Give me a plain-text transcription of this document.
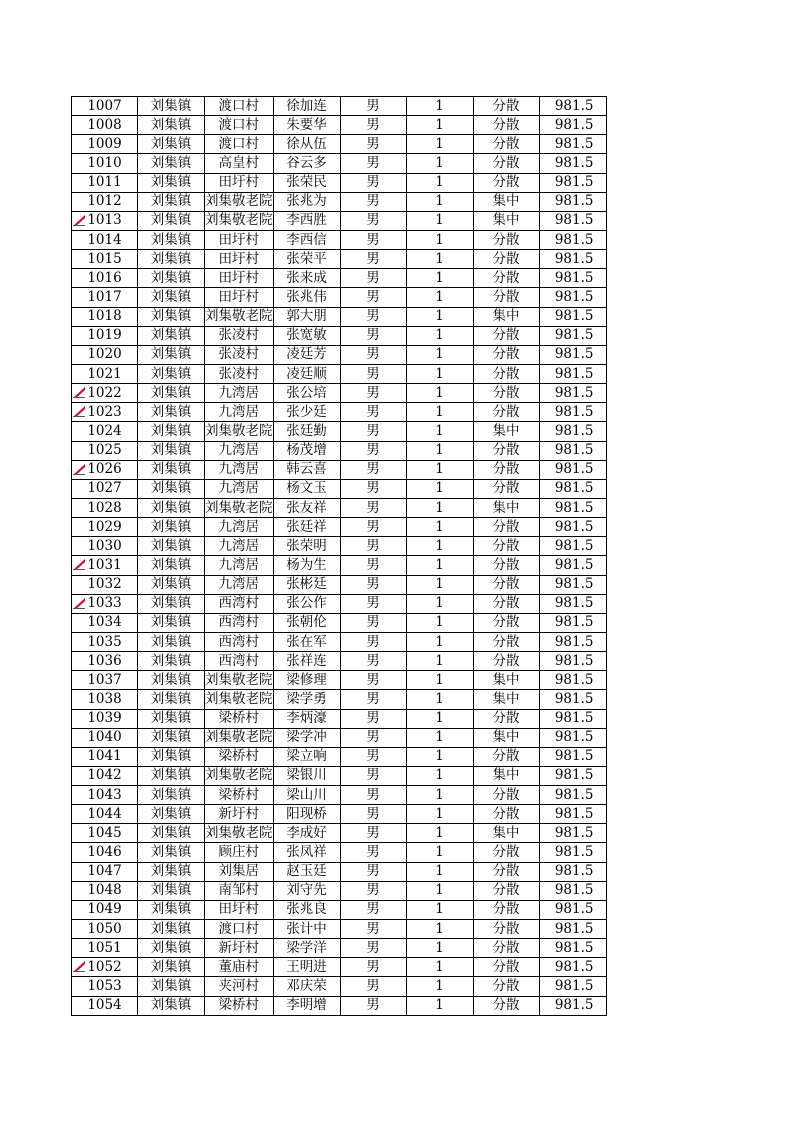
1007	刘集镇	渡口村	徐加连	男	1	分散	981.5
1008	刘集镇	渡口村	朱要华	男	1	分散	981.5
1009	刘集镇	渡口村	徐从伍	男	1	分散	981.5
1010	刘集镇	高皇村	谷云多	男	1	分散	981.5
1011	刘集镇	田圩村	张荣民	男	1	分散	981.5
1012	刘集镇	刘集敬老院	张兆为	男	1	集中	981.5

1013	刘集镇	刘集敬老院	李西胜	男	1	集中	981.5
1014	刘集镇	田圩村	李西信	男	1	分散	981.5
1015	刘集镇	田圩村	张荣平	男	1	分散	981.5
1016	刘集镇	田圩村	张来成	男	1	分散	981.5
1017	刘集镇	田圩村	张兆伟	男	1	分散	981.5
1018	刘集镇	刘集敬老院	郭大朋	男	1	集中	981.5
1019	刘集镇	张凌村	张宽敏	男	1	分散	981.5
1020	刘集镇	张凌村	凌廷芳	男	1	分散	981.5
1021	刘集镇	张凌村	凌廷顺	男	1	分散	981.5

1022	刘集镇	九湾居	张公培	男	1	分散	981.5

1023	刘集镇	九湾居	张少廷	男	1	分散	981.5
1024	刘集镇	刘集敬老院	张廷勤	男	1	集中	981.5
1025	刘集镇	九湾居	杨茂增	男	1	分散	981.5

1026	刘集镇	九湾居	韩云喜	男	1	分散	981.5
1027	刘集镇	九湾居	杨文玉	男	1	分散	981.5
1028	刘集镇	刘集敬老院	张友祥	男	1	集中	981.5
1029	刘集镇	九湾居	张廷祥	男	1	分散	981.5
1030	刘集镇	九湾居	张荣明	男	1	分散	981.5

1031	刘集镇	九湾居	杨为生	男	1	分散	981.5
1032	刘集镇	九湾居	张彬廷	男	1	分散	981.5

1033	刘集镇	西湾村	张公作	男	1	分散	981.5
1034	刘集镇	西湾村	张朝伦	男	1	分散	981.5
1035	刘集镇	西湾村	张在军	男	1	分散	981.5
1036	刘集镇	西湾村	张祥连	男	1	分散	981.5
1037	刘集镇	刘集敬老院	梁修理	男	1	集中	981.5
1038	刘集镇	刘集敬老院	梁学勇	男	1	集中	981.5
1039	刘集镇	梁桥村	李炳濠	男	1	分散	981.5
1040	刘集镇	刘集敬老院	梁学冲	男	1	集中	981.5
1041	刘集镇	梁桥村	梁立响	男	1	分散	981.5
1042	刘集镇	刘集敬老院	梁银川	男	1	集中	981.5
1043	刘集镇	梁桥村	梁山川	男	1	分散	981.5
1044	刘集镇	新圩村	阳现桥	男	1	分散	981.5
1045	刘集镇	刘集敬老院	李成好	男	1	集中	981.5
1046	刘集镇	顾庄村	张凤祥	男	1	分散	981.5
1047	刘集镇	刘集居	赵玉廷	男	1	分散	981.5
1048	刘集镇	南邹村	刘守先	男	1	分散	981.5
1049	刘集镇	田圩村	张兆良	男	1	分散	981.5
1050	刘集镇	渡口村	张计中	男	1	分散	981.5
1051	刘集镇	新圩村	梁学洋	男	1	分散	981.5

1052	刘集镇	董庙村	王明进	男	1	分散	981.5
1053	刘集镇	夹河村	邓庆荣	男	1	分散	981.5
1054	刘集镇	梁桥村	李明增	男	1	分散	981.5
